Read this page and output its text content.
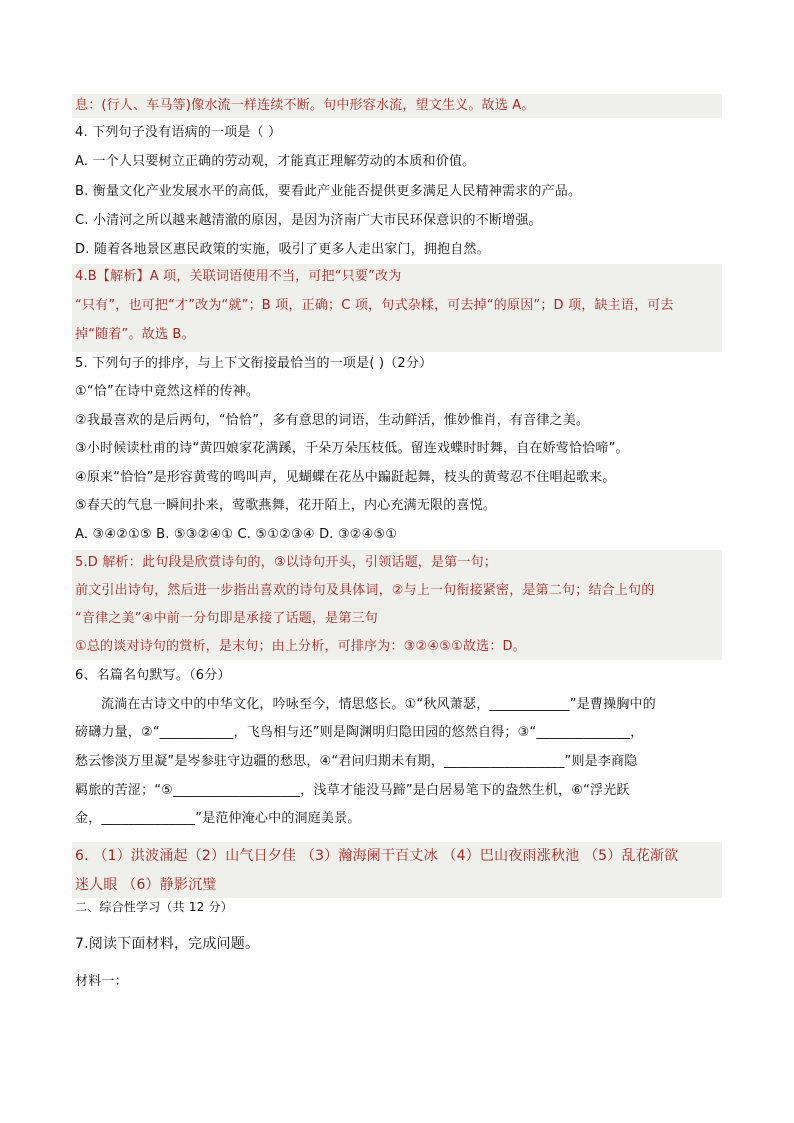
息：(行人、车马等)像水流一样连续不断。句中形容水流，望文生义。故选 A。
4. 下列句子没有语病的一项是（ ）
A. 一个人只要树立正确的劳动观，才能真正理解劳动的本质和价值。
B. 衡量文化产业发展水平的高低，要看此产业能否提供更多满足人民精神需求的产品。
C. 小清河之所以越来越清澈的原因，是因为济南广大市民环保意识的不断增强。
D. 随着各地景区惠民政策的实施，吸引了更多人走出家门，拥抱自然。
4.B【解析】A 项，关联词语使用不当，可把“只要”改为
“只有”，也可把“才”改为“就”；B 项，正确；C 项，句式杂糅，可去掉“的原因”；D 项，缺主语，可去
掉“随着”。故选 B。
5. 下列句子的排序，与上下文衔接最恰当的一项是( )（2分）
①“恰”在诗中竟然这样的传神。
②我最喜欢的是后两句，“恰恰”，多有意思的词语，生动鲜活，惟妙惟肖，有音律之美。
③小时候读杜甫的诗“黄四娘家花满蹊，千朵万朵压枝低。留连戏蝶时时舞，自在娇莺恰恰啼”。
④原来“恰恰”是形容黄莺的鸣叫声，见蝴蝶在花丛中蹁跹起舞，枝头的黄莺忍不住唱起歌来。
⑤春天的气息一瞬间扑来，莺歌燕舞，花开陌上，内心充满无限的喜悦。
A. ③④②①⑤ B. ⑤③②④① C. ⑤①②③④ D. ③②④⑤①
5.D 解析：此句段是欣赏诗句的，③以诗句开头，引领话题，是第一句；
前文引出诗句，然后进一步指出喜欢的诗句及具体词，②与上一句衔接紧密，是第二句；结合上句的
“音律之美”④中前一分句即是承接了话题，是第三句
①总的谈对诗句的赏析，是末句；由上分析，可排序为：③②④⑤①故选：D。
6、名篇名句默写。（6分）
流淌在古诗文中的中华文化，吟咏至今，情思悠长。①“秋风萧瑟，____________”是曹操胸中的
磅礴力量，②“___________，飞鸟相与还”则是陶渊明归隐田园的悠然自得；③“______________，
愁云惨淡万里凝”是岑参驻守边疆的愁思，④“君问归期未有期，__________________”则是李商隐
羁旅的苦涩；“⑤___________________，浅草才能没马蹄”是白居易笔下的盎然生机，⑥“浮光跃
金，______________”是范仲淹心中的洞庭美景。
6. （1）洪波涌起（2）山气日夕佳 （3）瀚海阑干百丈冰 （4）巴山夜雨涨秋池 （5）乱花渐欲
迷人眼 （6）静影沉璧
二、综合性学习（共 12 分）
7.阅读下面材料，完成问题。
材料一：
